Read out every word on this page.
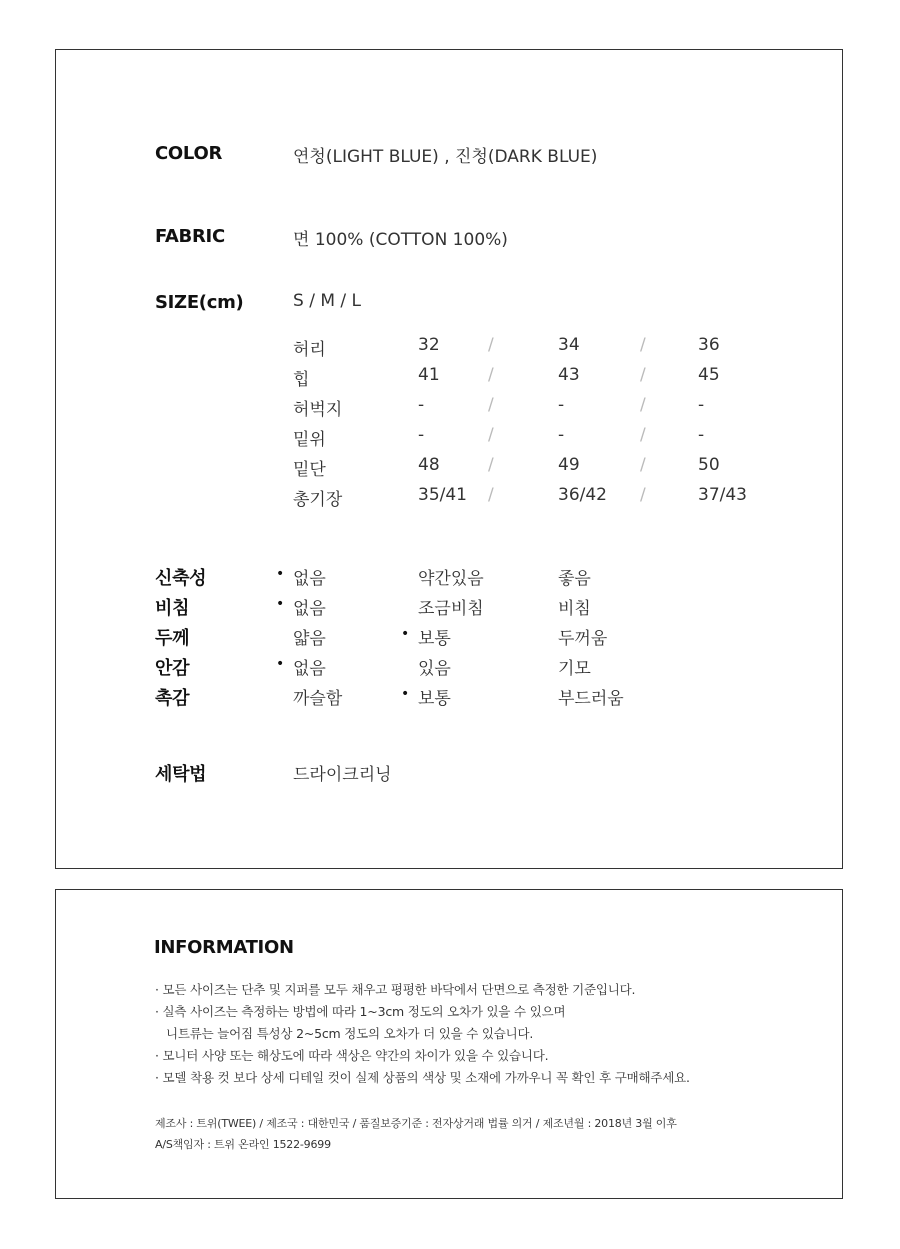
COLOR	연청(LIGHT BLUE) , 진청(DARK BLUE)
FABRIC	면 100% (COTTON 100%)
SIZE(cm)	S / M / L
허리	32	/	34	/	36
힙	41	/	43	/	45
허벅지	-	/	-	/	-
밑위	-	/	-	/	-
밑단	48	/	49	/	50
총기장	35/41 /	36/42 /	37/43
신축성	• 없음	약간있음	좋음
비침	• 없음	조금비침	비침
두께	얇음	• 보통	두꺼움
안감	• 없음	있음	기모
촉감	까슬함	• 보통	부드러움
세탁법	드라이크리닝
INFORMATION
· 모든 사이즈는 단추 및 지퍼를 모두 채우고 평평한 바닥에서 단면으로 측정한 기준입니다.
· 실측 사이즈는 측정하는 방법에 따라 1~3cm 정도의 오차가 있을 수 있으며
니트류는 늘어짐 특성상 2~5cm 정도의 오차가 더 있을 수 있습니다.
· 모니터 사양 또는 해상도에 따라 색상은 약간의 차이가 있을 수 있습니다.
· 모델 착용 컷 보다 상세 디테일 컷이 실제 상품의 색상 및 소재에 가까우니 꼭 확인 후 구매해주세요.
제조사 : 트위(TWEE) / 제조국 : 대한민국 / 품질보증기준 : 전자상거래 법률 의거 / 제조년월 : 2018년 3월 이후
A/S책임자 : 트위 온라인 1522-9699
